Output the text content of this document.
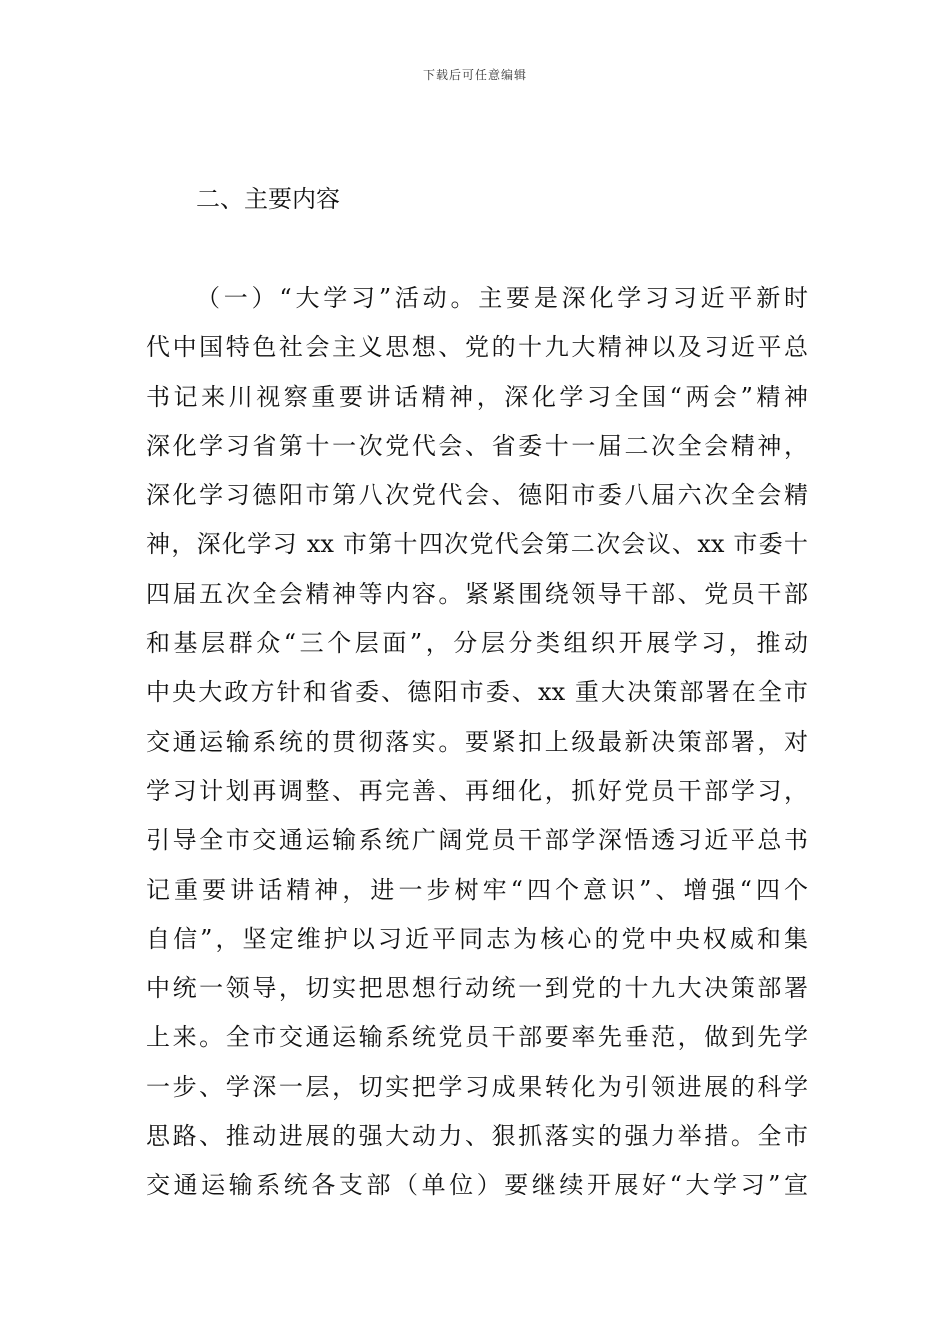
下载后可任意编辑
二、主要内容
（一）“大学习”活动。主要是深化学习习近平新时
代中国特色社会主义思想、党的十九大精神以及习近平总
书记来川视察重要讲话精神，深化学习全国“两会”精神
深化学习省第十一次党代会、省委十一届二次全会精神，
深化学习德阳市第八次党代会、德阳市委八届六次全会精
神，深化学习 xx 市第十四次党代会第二次会议、xx 市委十
四届五次全会精神等内容。紧紧围绕领导干部、党员干部
和基层群众“三个层面”，分层分类组织开展学习，推动
中央大政方针和省委、德阳市委、xx 重大决策部署在全市
交通运输系统的贯彻落实。要紧扣上级最新决策部署，对
学习计划再调整、再完善、再细化，抓好党员干部学习，
引导全市交通运输系统广阔党员干部学深悟透习近平总书
记重要讲话精神，进一步树牢“四个意识”、增强“四个
自信”，坚定维护以习近平同志为核心的党中央权威和集
中统一领导，切实把思想行动统一到党的十九大决策部署
上来。全市交通运输系统党员干部要率先垂范，做到先学
一步、学深一层，切实把学习成果转化为引领进展的科学
思路、推动进展的强大动力、狠抓落实的强力举措。全市
交通运输系统各支部（单位）要继续开展好“大学习”宣
